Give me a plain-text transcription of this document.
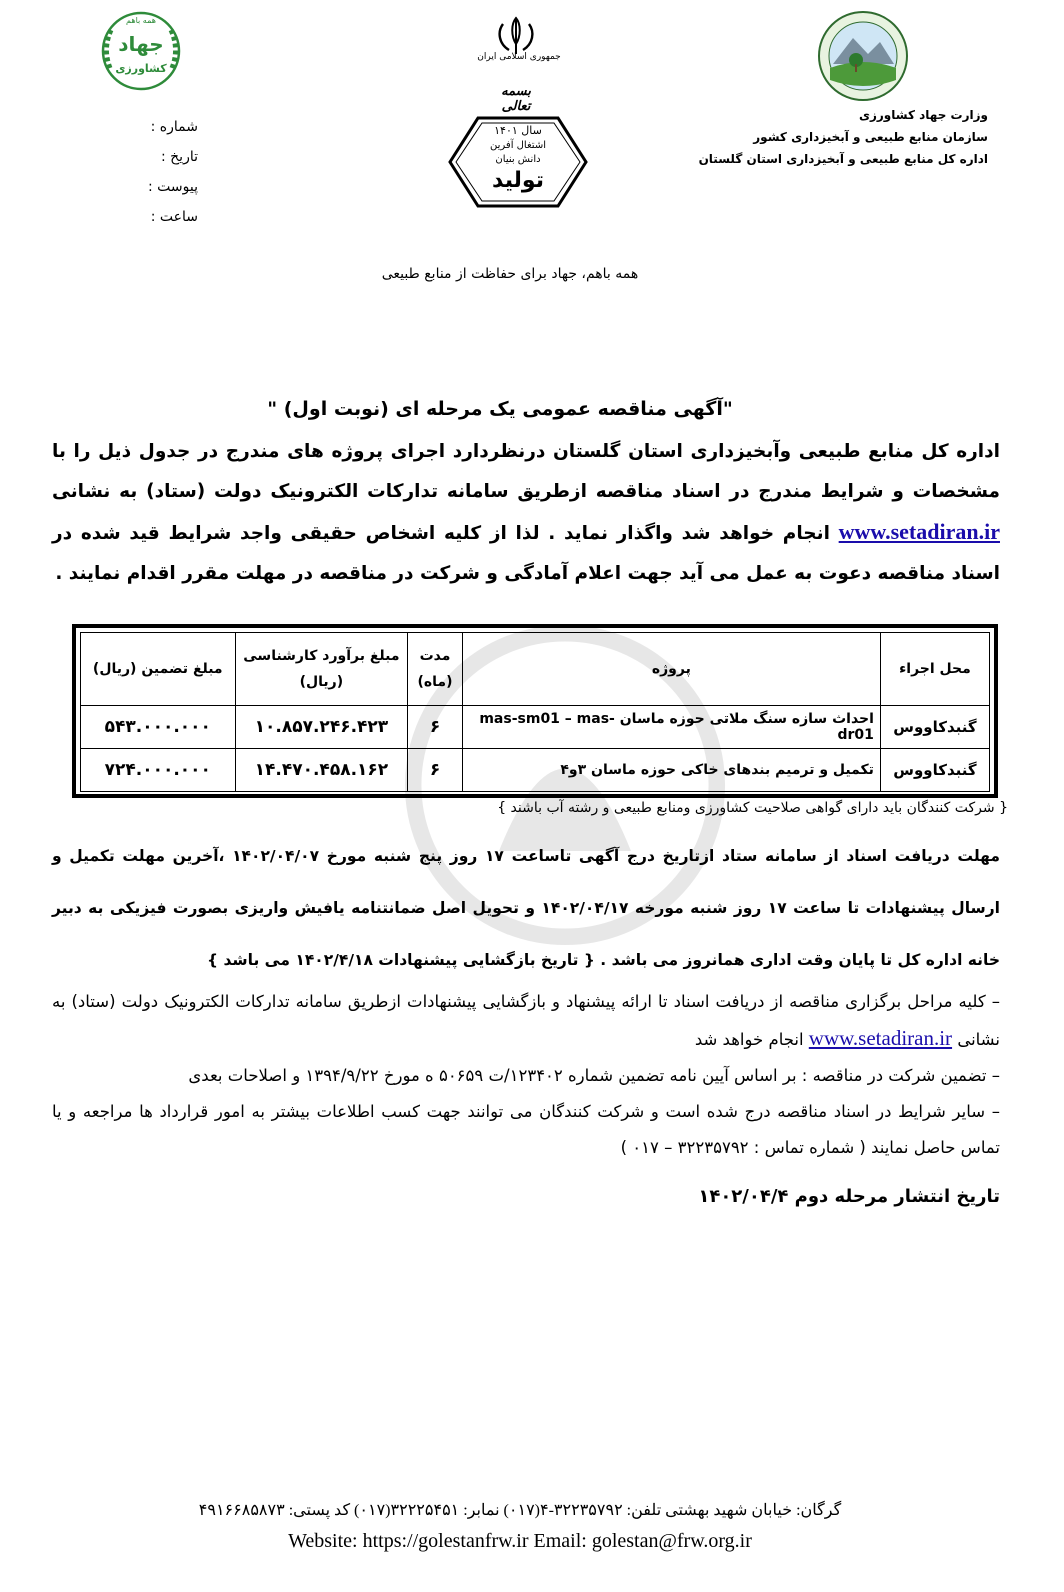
وزارت جهاد کشاورزی
سازمان منابع طبیعی و آبخیزداری کشور
اداره کل منابع طبیعی و آبخیزداری استان گلستان
جمهوری اسلامی ایران
بسمه تعالی
سال ۱۴۰۱
اشتغال آفرین
دانش بنیان
تولید
همه باهم
جهاد
کشاورزی
شماره :
تاریخ :
پیوست :
ساعت :
همه باهم، جهاد برای حفاظت از منابع طبیعی
"آگهی مناقصه عمومی یک مرحله ای (نوبت اول) "
اداره کل منابع طبیعی وآبخیزداری استان گلستان درنظردارد اجرای پروژه های مندرج در جدول ذیل را با مشخصات و شرایط مندرج در اسناد مناقصه ازطریق سامانه تدارکات الکترونیک دولت (ستاد) به نشانی www.setadiran.ir انجام خواهد شد واگذار نماید . لذا از کلیه اشخاص حقیقی واجد شرایط قید شده در اسناد مناقصه دعوت به عمل می آید جهت اعلام آمادگی و شرکت در مناقصه در مهلت مقرر اقدام نمایند .
محل اجراء	پروژه	مدت (ماه)	مبلغ برآورد کارشناسی (ریال)	مبلغ تضمین (ریال)
گنبدکاووس	احداث سازه سنگ ملاتی حوزه ماسان mas-sm01 – mas-dr01	۶	۱۰.۸۵۷.۲۴۶.۴۲۳	۵۴۳.۰۰۰.۰۰۰
گنبدکاووس	تکمیل و ترمیم بندهای خاکی حوزه ماسان ۳و۴	۶	۱۴.۴۷۰.۴۵۸.۱۶۲	۷۲۴.۰۰۰.۰۰۰
{ شرکت کنندگان باید دارای گواهی صلاحیت کشاورزی ومنابع طبیعی و رشته آب باشند }
مهلت دریافت اسناد از سامانه ستاد ازتاریخ درج آگهی تاساعت ۱۷ روز پنج شنبه مورخ ۱۴۰۲/۰۴/۰۷ ،آخرین مهلت تکمیل و ارسال پیشنهادات تا ساعت ۱۷ روز شنبه مورخه ۱۴۰۲/۰۴/۱۷ و تحویل اصل ضمانتنامه یافیش واریزی بصورت فیزیکی به دبیر خانه اداره کل تا پایان وقت اداری همانروز می باشد . { تاریخ بازگشایی پیشنهادات ۱۴۰۲/۴/۱۸ می باشد }

– کلیه مراحل برگزاری مناقصه از دریافت اسناد تا ارائه پیشنهاد و بازگشایی پیشنهادات ازطریق سامانه تدارکات الکترونیک دولت (ستاد) به نشانی www.setadiran.ir انجام خواهد شد

– تضمین شرکت در مناقصه : بر اساس آیین نامه تضمین شماره ۱۲۳۴۰۲/ت ۵۰۶۵۹ ه مورخ ۱۳۹۴/۹/۲۲ و اصلاحات بعدی

– سایر شرایط در اسناد مناقصه درج شده است و شرکت کنندگان می توانند جهت کسب اطلاعات بیشتر به امور قرارداد ها مراجعه و یا تماس حاصل نمایند ( شماره تماس : ۳۲۲۳۵۷۹۲ – ۰۱۷ )

تاریخ انتشار مرحله دوم ۱۴۰۲/۰۴/۴
گرگان: خیابان شهید بهشتی تلفن: ۳۲۲۳۵۷۹۲-۴(۰۱۷) نمابر: ۳۲۲۲۵۴۵۱(۰۱۷) کد پستی: ۴۹۱۶۶۸۵۸۷۳
Website: https://golestanfrw.ir Email: golestan@frw.org.ir
